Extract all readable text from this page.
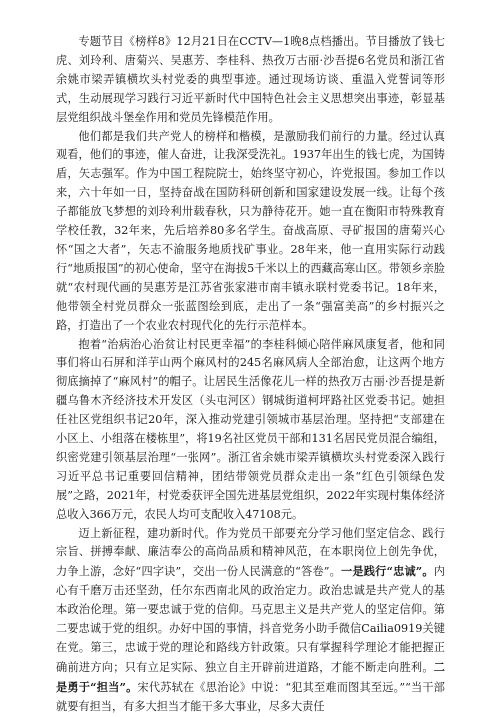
专题节目《榜样8》12月21日在CCTV—1晚8点档播出。节目播放了钱七虎、刘玲利、唐菊兴、吴惠芳、李桂科、热孜万古丽·沙吾提6名党员和浙江省余姚市梁弄镇横坎头村党委的典型事迹。通过现场访谈、重温入党誓词等形式，生动展现学习践行习近平新时代中国特色社会主义思想突出事迹，彰显基层党组织战斗堡垒作用和党员先锋模范作用。

他们都是我们共产党人的榜样和楷模，是激励我们前行的力量。经过认真观看，他们的事迹，催人奋进，让我深受洗礼。1937年出生的钱七虎，为国铸盾，矢志强军。作为中国工程院院士，始终坚守初心，许党报国。参加工作以来，六十年如一日，坚持奋战在国防科研创新和国家建设发展一线。让每个孩子都能放飞梦想的刘玲利卅载春秋，只为静待花开。她一直在衡阳市特殊教育学校任教，32年来，先后培养80多名学生。奋战高原、寻矿报国的唐菊兴心怀“国之大者”，矢志不渝服务地质找矿事业。28年来，他一直用实际行动践行“地质报国”的初心使命，坚守在海拔5千米以上的西藏高寒山区。带领乡亲脸就“农村现代画的吴惠芳是江苏省张家港市南丰镇永联村党委书记。18年来，他带领全村党员群众一张蓝图绘到底，走出了一条“强富美高”的乡村振兴之路，打造出了一个农业农村现代化的先行示范样本。

抱着“治病治心治贫让村民更幸福”的李桂科倾心陪伴麻风康复者，他和同事们将山石屏和洋芋山两个麻风村的245名麻风病人全部治愈，让这两个地方彻底摘掉了“麻风村”的帽子。让居民生活像花儿一样的热孜万古丽·沙吾提是新疆乌鲁木齐经济技术开发区（头屯河区）钢城街道柯坪路社区党委书记。她担任社区党组织书记20年，深入推动党建引领城市基层治理。坚持把“支部建在小区上、小组落在楼栋里”，将19名社区党员干部和131名居民党员混合编组，织密党建引领基层治理“一张网”。浙江省余姚市梁弄镇横坎头村党委深入践行习近平总书记重要回信精神，团结带领党员群众走出一条“红色引领绿色发展”之路，2021年，村党委获评全国先进基层党组织，2022年实现村集体经济总收入366万元，农民人均可支配收入47108元。

迈上新征程，建功新时代。作为党员干部要充分学习他们坚定信念、践行宗旨、拼搏奉献、廉洁奉公的高尚品质和精神风范，在本职岗位上创先争优，力争上游，念好“四字诀”，交出一份人民满意的“答卷”。一是践行“忠诚”。内心有千磨万击还坚劲，任尔东西南北风的政治定力。政治忠诚是共产党人的基本政治伦理。第一要忠诚于党的信仰。马克思主义是共产党人的坚定信仰。第二要忠诚于党的组织。办好中国的事情，抖音党务小助手微信Cailia0919关键在党。第三，忠诚于党的理论和路线方针政策。只有掌握科学理论才能把握正确前进方向；只有立足实际、独立自主开辟前进道路，才能不断走向胜利。二是勇于“担当”。宋代苏轼在《思治论》中说：“犯其至难而图其至远。”“当干部就要有担当，有多大担当才能干多大事业，尽多大责任
